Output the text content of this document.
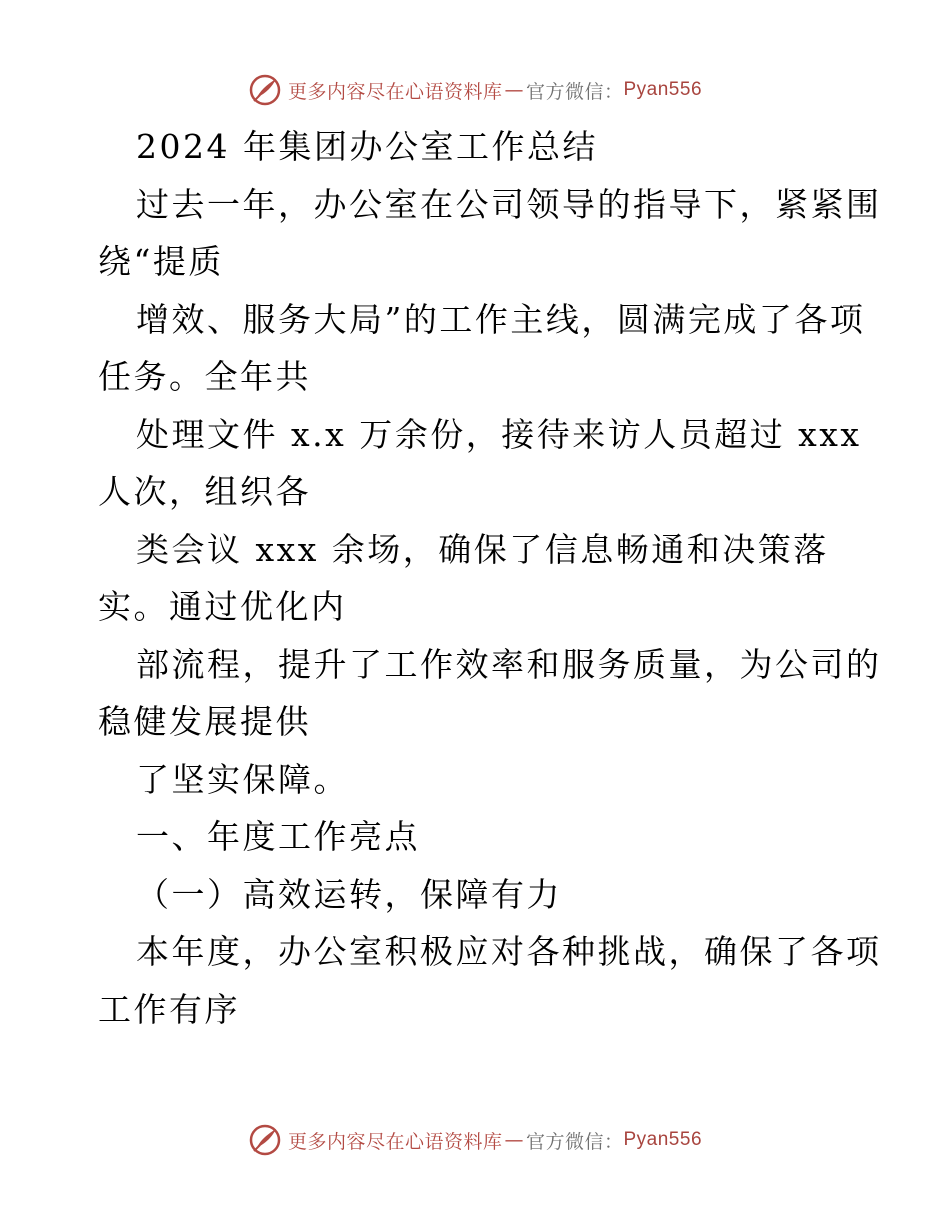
更多内容尽在心语资料库 — 官方微信： Pyan556
2024 年集团办公室工作总结
过去一年，办公室在公司领导的指导下，紧紧围
绕“提质
增效、服务大局”的工作主线，圆满完成了各项
任务。全年共
处理文件 x.x 万余份，接待来访人员超过 xxx
人次，组织各
类会议 xxx 余场，确保了信息畅通和决策落
实。通过优化内
部流程，提升了工作效率和服务质量，为公司的
稳健发展提供
了坚实保障。
一、年度工作亮点
（一）高效运转，保障有力
本年度，办公室积极应对各种挑战，确保了各项
工作有序
更多内容尽在心语资料库 — 官方微信： Pyan556
